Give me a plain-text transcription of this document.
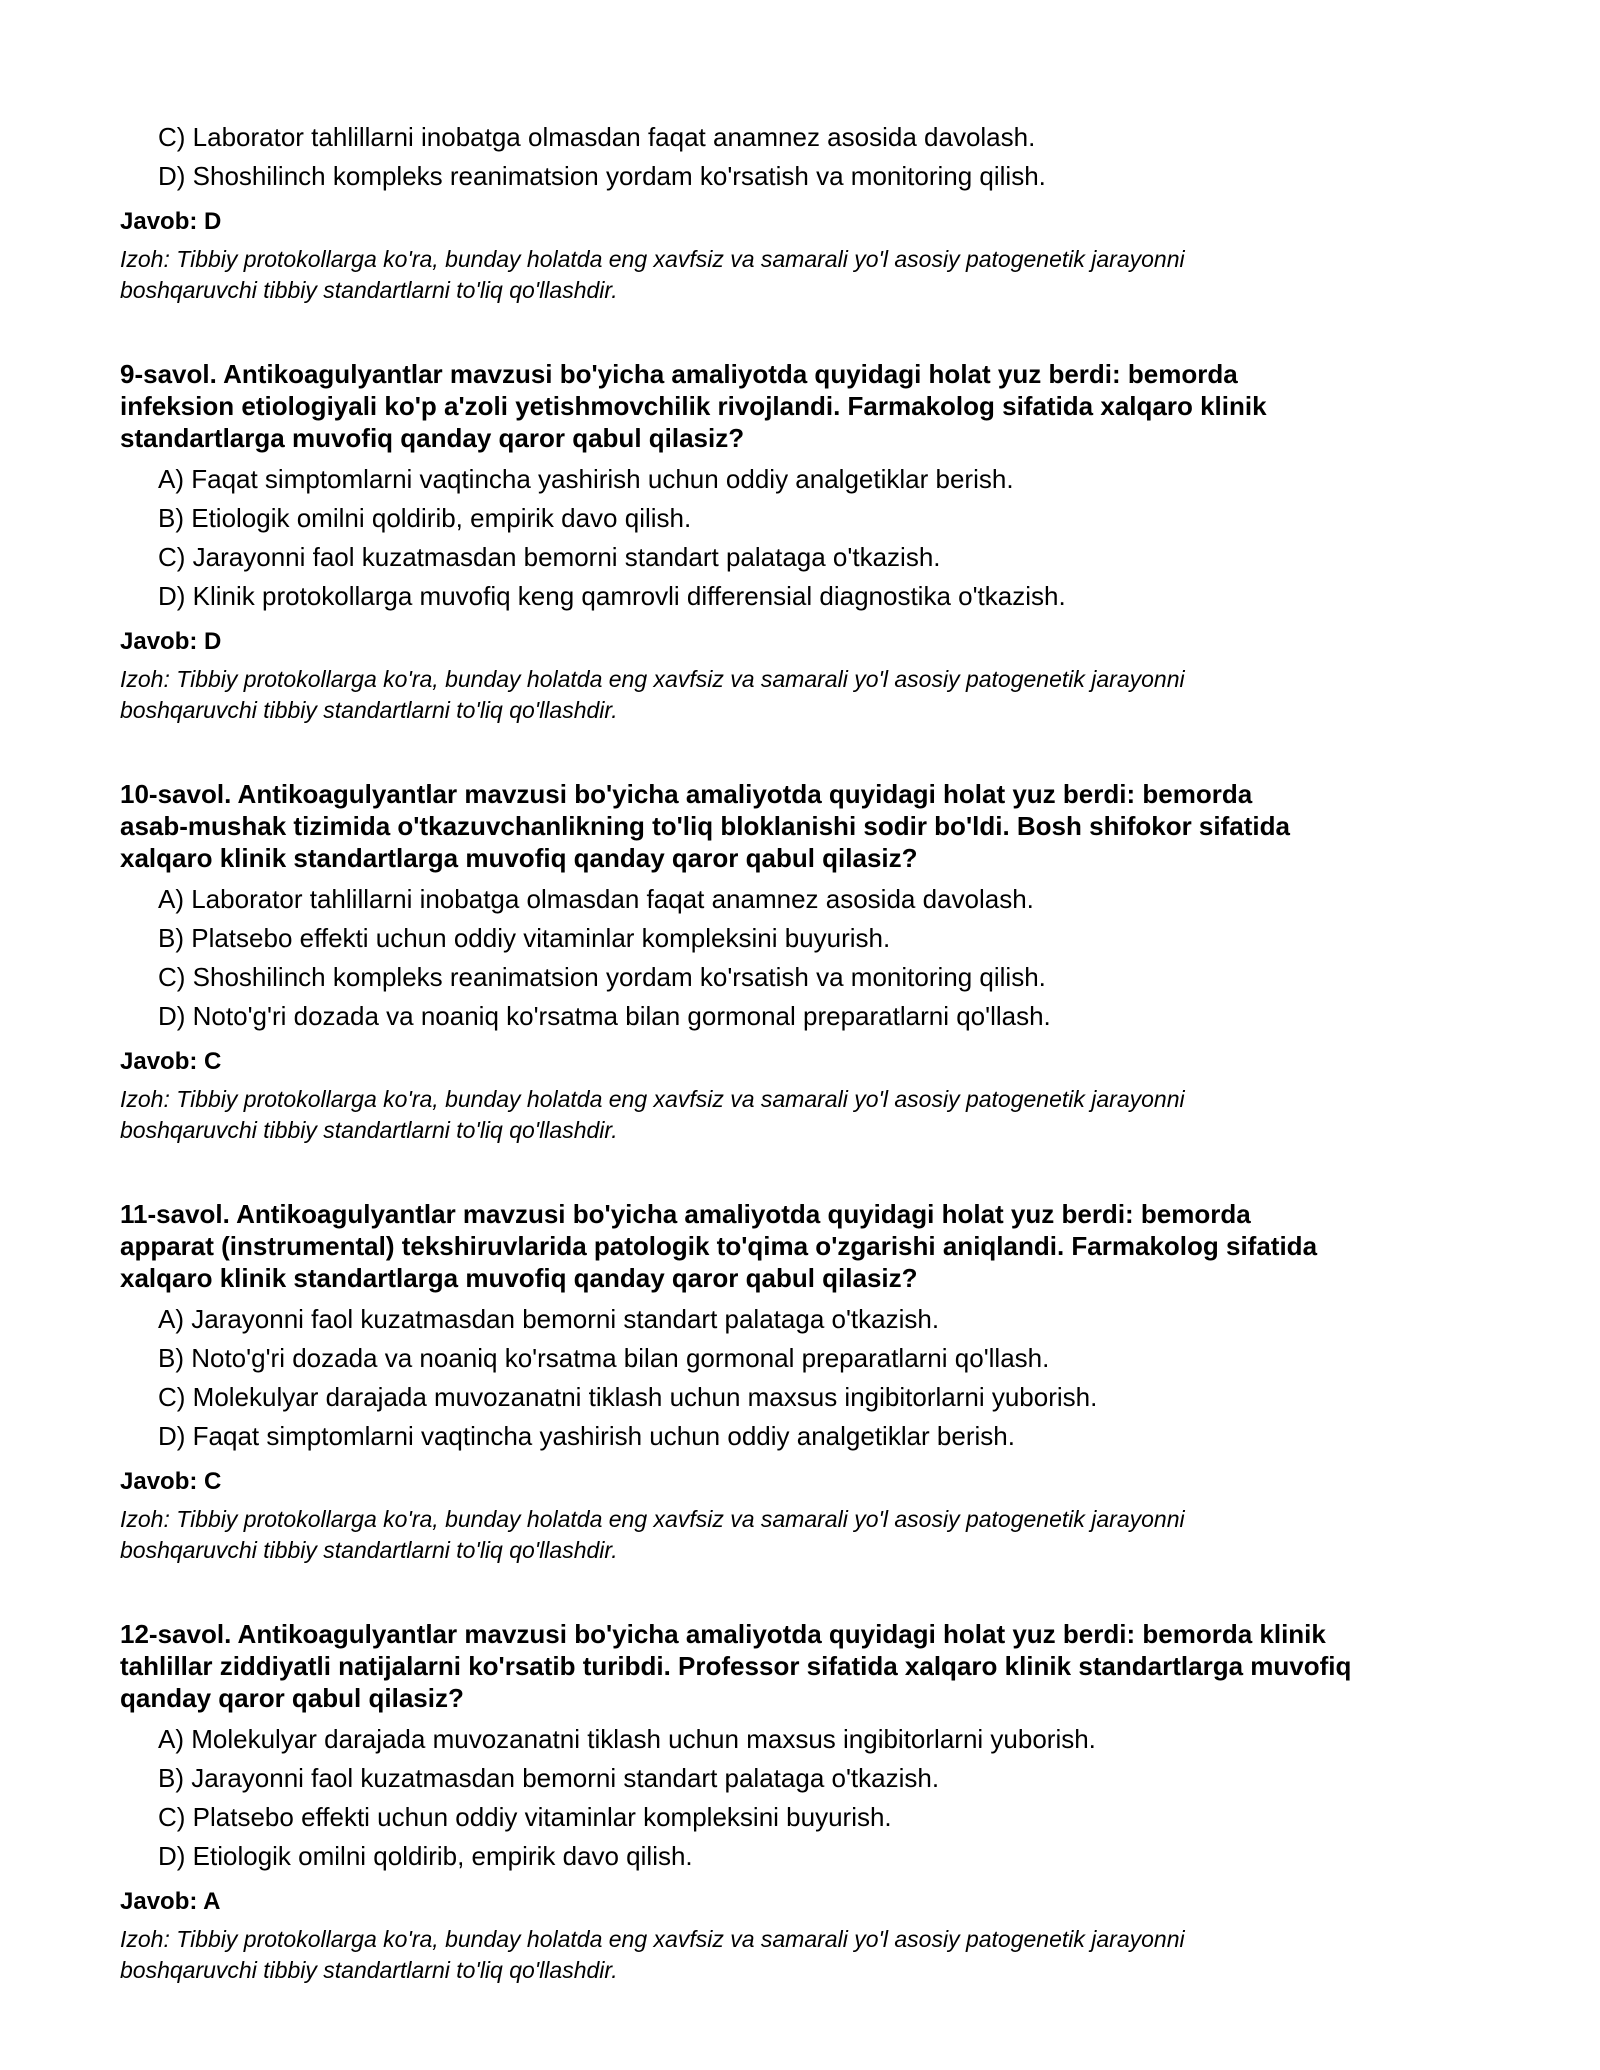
C) Laborator tahlillarni inobatga olmasdan faqat anamnez asosida davolash.
D) Shoshilinch kompleks reanimatsion yordam ko'rsatish va monitoring qilish.
Javob: D
Izoh: Tibbiy protokollarga ko'ra, bunday holatda eng xavfsiz va samarali yo'l asosiy patogenetik jarayonni
boshqaruvchi tibbiy standartlarni to'liq qo'llashdir.
9-savol. Antikoagulyantlar mavzusi bo'yicha amaliyotda quyidagi holat yuz berdi: bemorda
infeksion etiologiyali ko'p a'zoli yetishmovchilik rivojlandi. Farmakolog sifatida xalqaro klinik
standartlarga muvofiq qanday qaror qabul qilasiz?
A) Faqat simptomlarni vaqtincha yashirish uchun oddiy analgetiklar berish.
B) Etiologik omilni qoldirib, empirik davo qilish.
C) Jarayonni faol kuzatmasdan bemorni standart palataga o'tkazish.
D) Klinik protokollarga muvofiq keng qamrovli differensial diagnostika o'tkazish.
Javob: D
Izoh: Tibbiy protokollarga ko'ra, bunday holatda eng xavfsiz va samarali yo'l asosiy patogenetik jarayonni
boshqaruvchi tibbiy standartlarni to'liq qo'llashdir.
10-savol. Antikoagulyantlar mavzusi bo'yicha amaliyotda quyidagi holat yuz berdi: bemorda
asab-mushak tizimida o'tkazuvchanlikning to'liq bloklanishi sodir bo'ldi. Bosh shifokor sifatida
xalqaro klinik standartlarga muvofiq qanday qaror qabul qilasiz?
A) Laborator tahlillarni inobatga olmasdan faqat anamnez asosida davolash.
B) Platsebo effekti uchun oddiy vitaminlar kompleksini buyurish.
C) Shoshilinch kompleks reanimatsion yordam ko'rsatish va monitoring qilish.
D) Noto'g'ri dozada va noaniq ko'rsatma bilan gormonal preparatlarni qo'llash.
Javob: C
Izoh: Tibbiy protokollarga ko'ra, bunday holatda eng xavfsiz va samarali yo'l asosiy patogenetik jarayonni
boshqaruvchi tibbiy standartlarni to'liq qo'llashdir.
11-savol. Antikoagulyantlar mavzusi bo'yicha amaliyotda quyidagi holat yuz berdi: bemorda
apparat (instrumental) tekshiruvlarida patologik to'qima o'zgarishi aniqlandi. Farmakolog sifatida
xalqaro klinik standartlarga muvofiq qanday qaror qabul qilasiz?
A) Jarayonni faol kuzatmasdan bemorni standart palataga o'tkazish.
B) Noto'g'ri dozada va noaniq ko'rsatma bilan gormonal preparatlarni qo'llash.
C) Molekulyar darajada muvozanatni tiklash uchun maxsus ingibitorlarni yuborish.
D) Faqat simptomlarni vaqtincha yashirish uchun oddiy analgetiklar berish.
Javob: C
Izoh: Tibbiy protokollarga ko'ra, bunday holatda eng xavfsiz va samarali yo'l asosiy patogenetik jarayonni
boshqaruvchi tibbiy standartlarni to'liq qo'llashdir.
12-savol. Antikoagulyantlar mavzusi bo'yicha amaliyotda quyidagi holat yuz berdi: bemorda klinik
tahlillar ziddiyatli natijalarni ko'rsatib turibdi. Professor sifatida xalqaro klinik standartlarga muvofiq
qanday qaror qabul qilasiz?
A) Molekulyar darajada muvozanatni tiklash uchun maxsus ingibitorlarni yuborish.
B) Jarayonni faol kuzatmasdan bemorni standart palataga o'tkazish.
C) Platsebo effekti uchun oddiy vitaminlar kompleksini buyurish.
D) Etiologik omilni qoldirib, empirik davo qilish.
Javob: A
Izoh: Tibbiy protokollarga ko'ra, bunday holatda eng xavfsiz va samarali yo'l asosiy patogenetik jarayonni
boshqaruvchi tibbiy standartlarni to'liq qo'llashdir.
